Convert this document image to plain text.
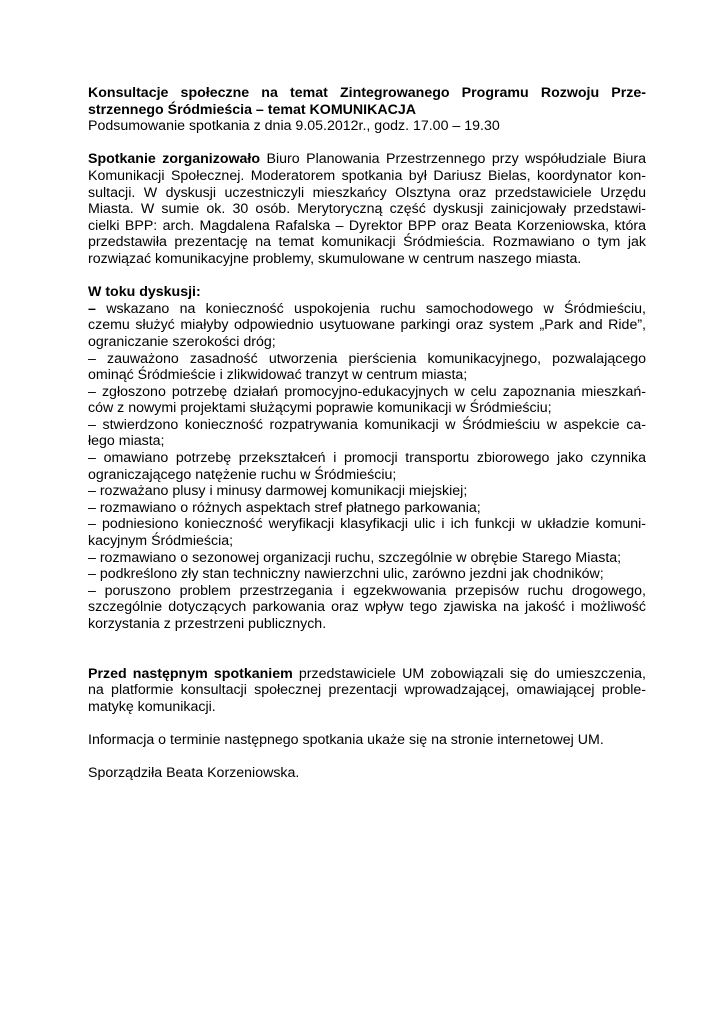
Konsultacje społeczne na temat Zintegrowanego Programu Rozwoju Prze-
strzennego Śródmieścia – temat KOMUNIKACJA
Podsumowanie spotkania z dnia 9.05.2012r., godz. 17.00 – 19.30

Spotkanie zorganizowało Biuro Planowania Przestrzennego przy współudziale Biura
Komunikacji Społecznej. Moderatorem spotkania był Dariusz Bielas, koordynator kon-
sultacji. W dyskusji uczestniczyli mieszkańcy Olsztyna oraz przedstawiciele Urzędu
Miasta. W sumie ok. 30 osób. Merytoryczną część dyskusji zainicjowały przedstawi-
cielki BPP: arch. Magdalena Rafalska – Dyrektor BPP oraz Beata Korzeniowska, która
przedstawiła prezentację na temat komunikacji Śródmieścia. Rozmawiano o tym jak
rozwiązać komunikacyjne problemy, skumulowane w centrum naszego miasta.

W toku dyskusji:
– wskazano na konieczność uspokojenia ruchu samochodowego w Śródmieściu,
czemu służyć miałyby odpowiednio usytuowane parkingi oraz system „Park and Ride”,
ograniczanie szerokości dróg;
– zauważono zasadność utworzenia pierścienia komunikacyjnego, pozwalającego
ominąć Śródmieście i zlikwidować tranzyt w centrum miasta;
– zgłoszono potrzebę działań promocyjno-edukacyjnych w celu zapoznania mieszkań-
ców z nowymi projektami służącymi poprawie komunikacji w Śródmieściu;
– stwierdzono konieczność rozpatrywania komunikacji w Śródmieściu w aspekcie ca-
łego miasta;
– omawiano potrzebę przekształceń i promocji transportu zbiorowego jako czynnika
ograniczającego natężenie ruchu w Śródmieściu;
– rozważano plusy i minusy darmowej komunikacji miejskiej;
– rozmawiano o różnych aspektach stref płatnego parkowania;
– podniesiono konieczność weryfikacji klasyfikacji ulic i ich funkcji w układzie komuni-
kacyjnym Śródmieścia;
– rozmawiano o sezonowej organizacji ruchu, szczególnie w obrębie Starego Miasta;
– podkreślono zły stan techniczny nawierzchni ulic, zarówno jezdni jak chodników;
– poruszono problem przestrzegania i egzekwowania przepisów ruchu drogowego,
szczególnie dotyczących parkowania oraz wpływ tego zjawiska na jakość i możliwość
korzystania z przestrzeni publicznych.

Przed następnym spotkaniem przedstawiciele UM zobowiązali się do umieszczenia,
na platformie konsultacji społecznej prezentacji wprowadzającej, omawiającej proble-
matykę komunikacji.

Informacja o terminie następnego spotkania ukaże się na stronie internetowej UM.

Sporządziła Beata Korzeniowska.
